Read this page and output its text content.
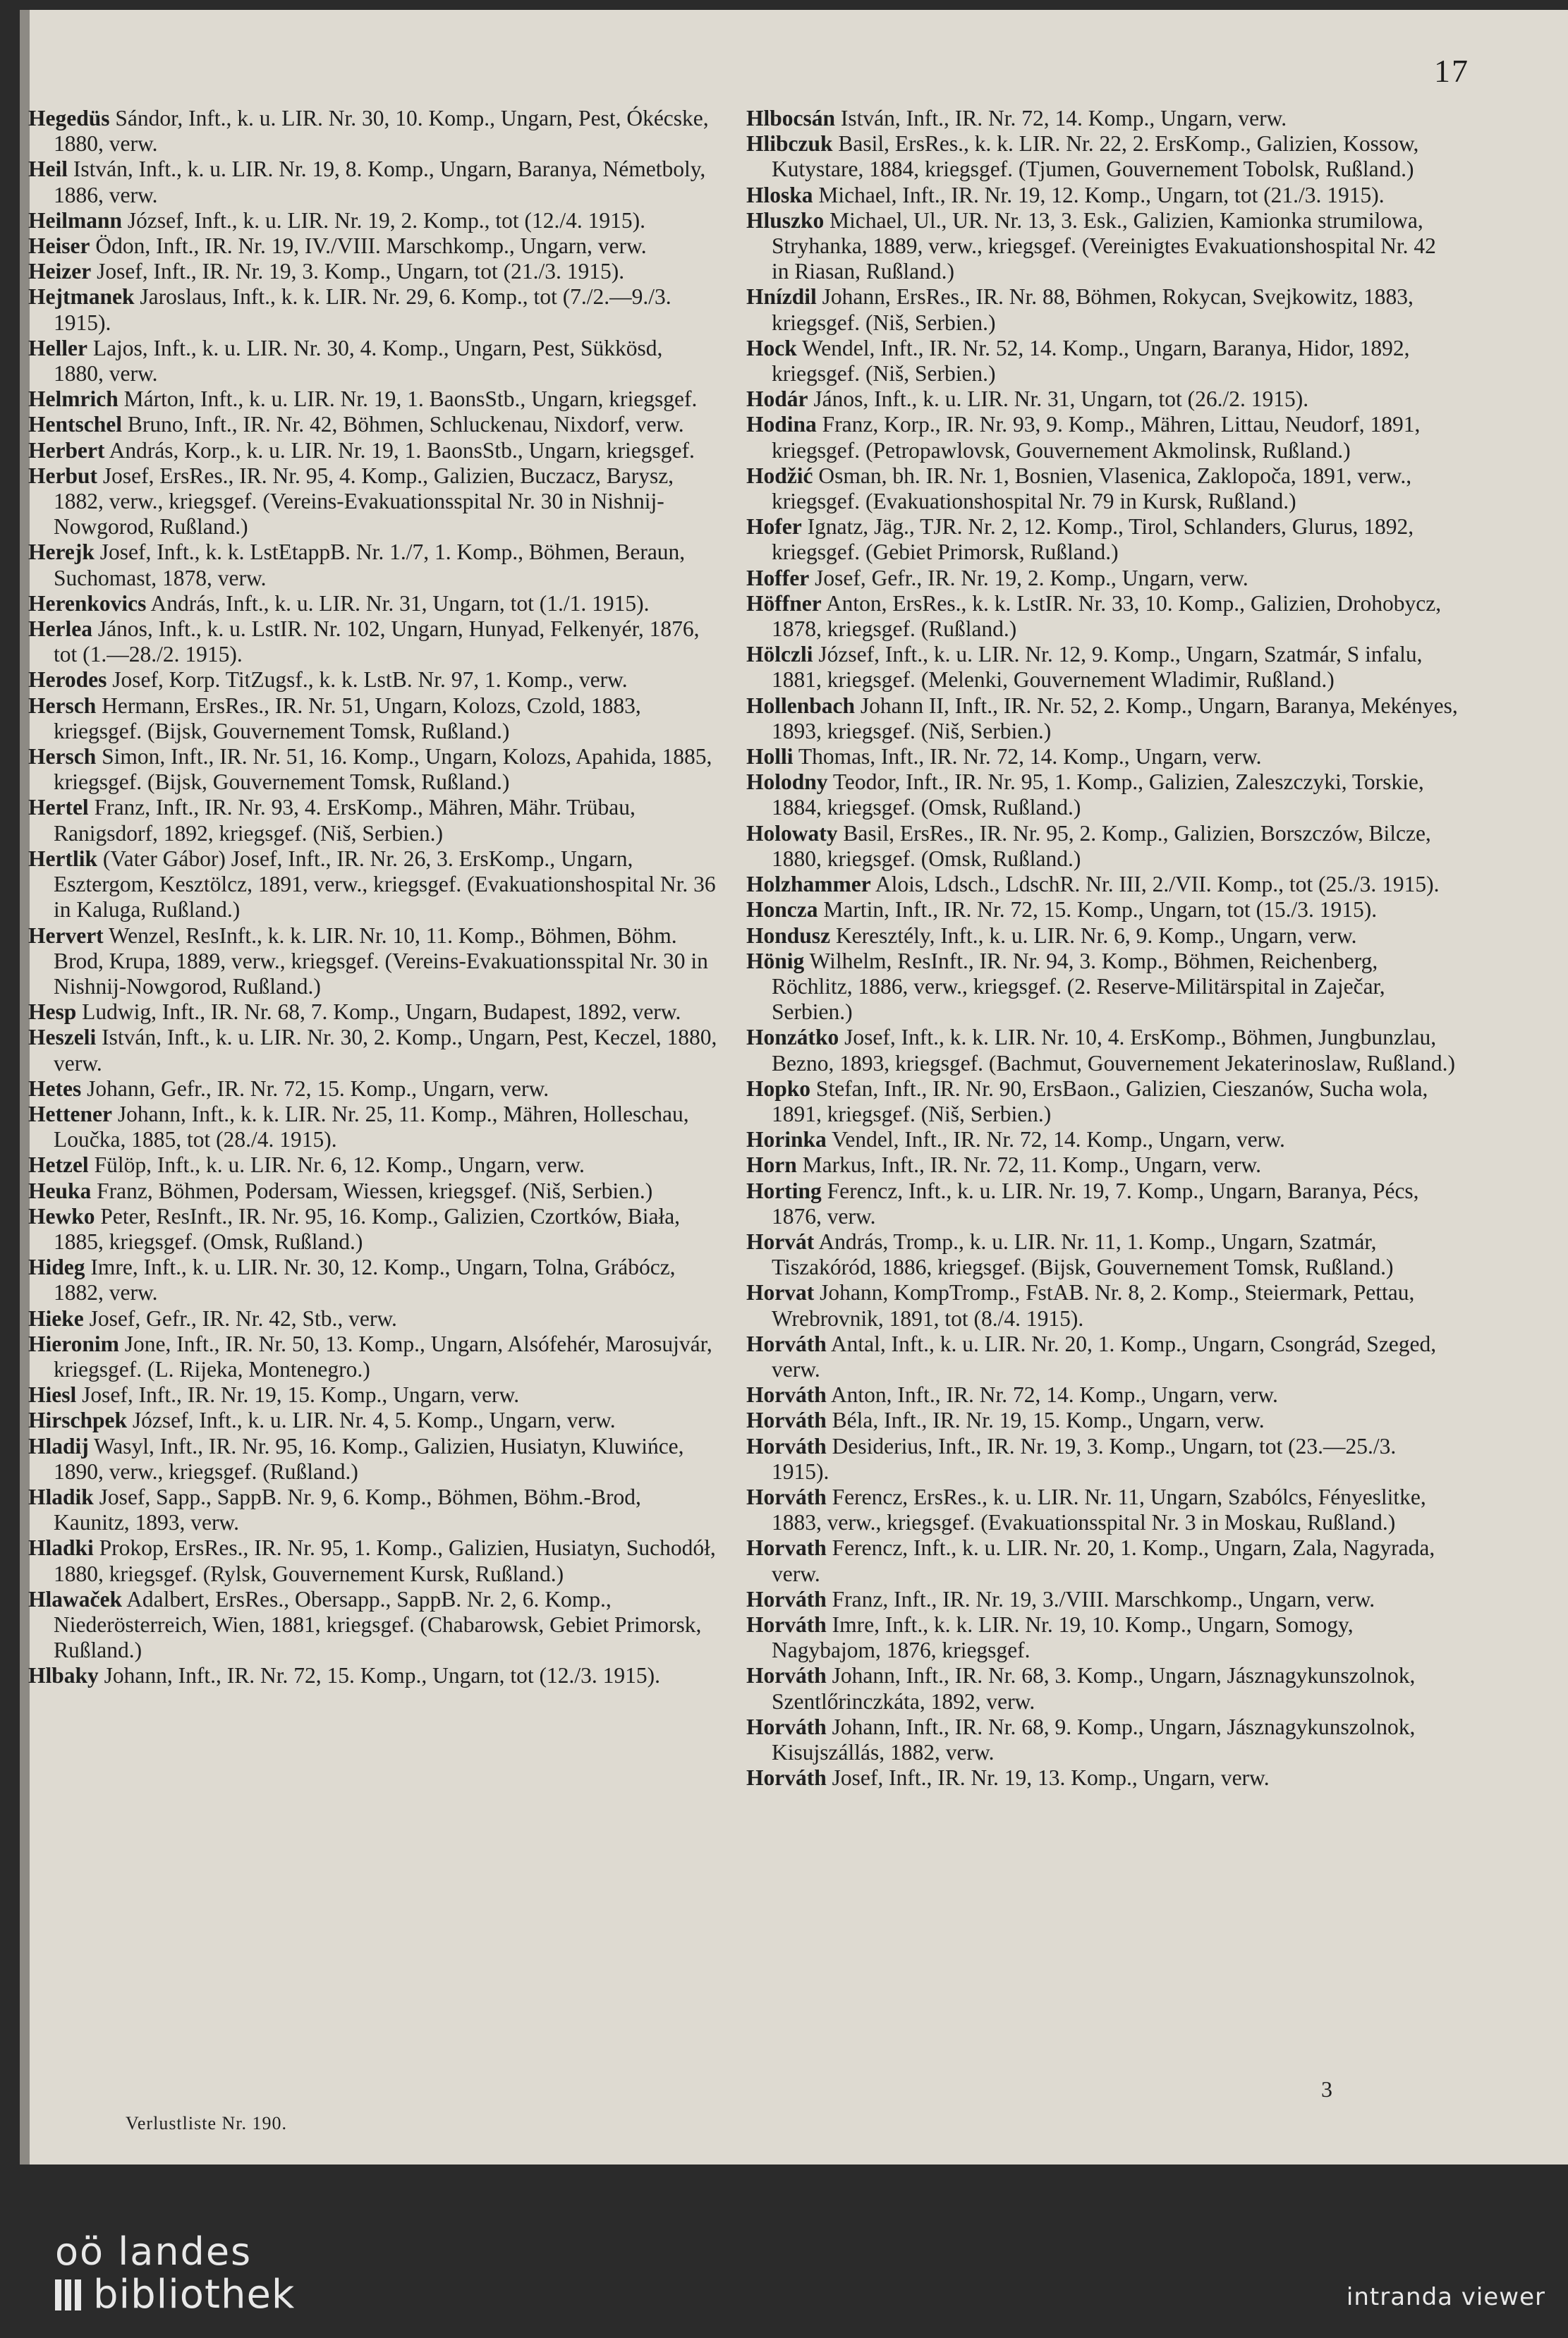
17

Hegedüs Sándor, Inft., k. u. LIR. Nr. 30, 10. Komp., Ungarn, Pest, Ókécske, 1880, verw.

Heil István, Inft., k. u. LIR. Nr. 19, 8. Komp., Ungarn, Baranya, Németboly, 1886, verw.

Heilmann József, Inft., k. u. LIR. Nr. 19, 2. Komp., tot (12./4. 1915).

Heiser Ödon, Inft., IR. Nr. 19, IV./VIII. Marschkomp., Ungarn, verw.

Heizer Josef, Inft., IR. Nr. 19, 3. Komp., Ungarn, tot (21./3. 1915).

Hejtmanek Jaroslaus, Inft., k. k. LIR. Nr. 29, 6. Komp., tot (7./2.—9./3. 1915).

Heller Lajos, Inft., k. u. LIR. Nr. 30, 4. Komp., Ungarn, Pest, Sükkösd, 1880, verw.

Helmrich Márton, Inft., k. u. LIR. Nr. 19, 1. BaonsStb., Ungarn, kriegsgef.

Hentschel Bruno, Inft., IR. Nr. 42, Böhmen, Schluckenau, Nixdorf, verw.

Herbert András, Korp., k. u. LIR. Nr. 19, 1. BaonsStb., Ungarn, kriegsgef.

Herbut Josef, ErsRes., IR. Nr. 95, 4. Komp., Galizien, Buczacz, Barysz, 1882, verw., kriegsgef. (Vereins-Evakuationsspital Nr. 30 in Nishnij-Nowgorod, Rußland.)

Herejk Josef, Inft., k. k. LstEtappB. Nr. 1./7, 1. Komp., Böhmen, Beraun, Suchomast, 1878, verw.

Herenkovics András, Inft., k. u. LIR. Nr. 31, Ungarn, tot (1./1. 1915).

Herlea János, Inft., k. u. LstIR. Nr. 102, Ungarn, Hunyad, Felkenyér, 1876, tot (1.—28./2. 1915).

Herodes Josef, Korp. TitZugsf., k. k. LstB. Nr. 97, 1. Komp., verw.

Hersch Hermann, ErsRes., IR. Nr. 51, Ungarn, Kolozs, Czold, 1883, kriegsgef. (Bijsk, Gouvernement Tomsk, Rußland.)

Hersch Simon, Inft., IR. Nr. 51, 16. Komp., Ungarn, Kolozs, Apahida, 1885, kriegsgef. (Bijsk, Gouvernement Tomsk, Rußland.)

Hertel Franz, Inft., IR. Nr. 93, 4. ErsKomp., Mähren, Mähr. Trübau, Ranigsdorf, 1892, kriegsgef. (Niš, Serbien.)

Hertlik (Vater Gábor) Josef, Inft., IR. Nr. 26, 3. ErsKomp., Ungarn, Esztergom, Kesztölcz, 1891, verw., kriegsgef. (Evakuationshospital Nr. 36 in Kaluga, Rußland.)

Hervert Wenzel, ResInft., k. k. LIR. Nr. 10, 11. Komp., Böhmen, Böhm. Brod, Krupa, 1889, verw., kriegsgef. (Vereins-Evakuationsspital Nr. 30 in Nishnij-Nowgorod, Rußland.)

Hesp Ludwig, Inft., IR. Nr. 68, 7. Komp., Ungarn, Budapest, 1892, verw.

Heszeli István, Inft., k. u. LIR. Nr. 30, 2. Komp., Ungarn, Pest, Keczel, 1880, verw.

Hetes Johann, Gefr., IR. Nr. 72, 15. Komp., Ungarn, verw.

Hettener Johann, Inft., k. k. LIR. Nr. 25, 11. Komp., Mähren, Holleschau, Loučka, 1885, tot (28./4. 1915).

Hetzel Fülöp, Inft., k. u. LIR. Nr. 6, 12. Komp., Ungarn, verw.

Heuka Franz, Böhmen, Podersam, Wiessen, kriegsgef. (Niš, Serbien.)

Hewko Peter, ResInft., IR. Nr. 95, 16. Komp., Galizien, Czortków, Biała, 1885, kriegsgef. (Omsk, Rußland.)

Hideg Imre, Inft., k. u. LIR. Nr. 30, 12. Komp., Ungarn, Tolna, Grábócz, 1882, verw.

Hieke Josef, Gefr., IR. Nr. 42, Stb., verw.

Hieronim Jone, Inft., IR. Nr. 50, 13. Komp., Ungarn, Alsófehér, Marosujvár, kriegsgef. (L. Rijeka, Montenegro.)

Hiesl Josef, Inft., IR. Nr. 19, 15. Komp., Ungarn, verw.

Hirschpek József, Inft., k. u. LIR. Nr. 4, 5. Komp., Ungarn, verw.

Hladij Wasyl, Inft., IR. Nr. 95, 16. Komp., Galizien, Husiatyn, Kluwińce, 1890, verw., kriegsgef. (Rußland.)

Hladik Josef, Sapp., SappB. Nr. 9, 6. Komp., Böhmen, Böhm.-Brod, Kaunitz, 1893, verw.

Hladki Prokop, ErsRes., IR. Nr. 95, 1. Komp., Galizien, Husiatyn, Suchodół, 1880, kriegsgef. (Rylsk, Gouvernement Kursk, Rußland.)

Hlawaček Adalbert, ErsRes., Obersapp., SappB. Nr. 2, 6. Komp., Niederösterreich, Wien, 1881, kriegsgef. (Chabarowsk, Gebiet Primorsk, Rußland.)

Hlbaky Johann, Inft., IR. Nr. 72, 15. Komp., Ungarn, tot (12./3. 1915).

Hlbocsán István, Inft., IR. Nr. 72, 14. Komp., Ungarn, verw.

Hlibczuk Basil, ErsRes., k. k. LIR. Nr. 22, 2. ErsKomp., Galizien, Kossow, Kutystare, 1884, kriegsgef. (Tjumen, Gouvernement Tobolsk, Rußland.)

Hloska Michael, Inft., IR. Nr. 19, 12. Komp., Ungarn, tot (21./3. 1915).

Hluszko Michael, Ul., UR. Nr. 13, 3. Esk., Galizien, Kamionka strumilowa, Stryhanka, 1889, verw., kriegsgef. (Vereinigtes Evakuationshospital Nr. 42 in Riasan, Rußland.)

Hnízdil Johann, ErsRes., IR. Nr. 88, Böhmen, Rokycan, Svejkowitz, 1883, kriegsgef. (Niš, Serbien.)

Hock Wendel, Inft., IR. Nr. 52, 14. Komp., Ungarn, Baranya, Hidor, 1892, kriegsgef. (Niš, Serbien.)

Hodár János, Inft., k. u. LIR. Nr. 31, Ungarn, tot (26./2. 1915).

Hodina Franz, Korp., IR. Nr. 93, 9. Komp., Mähren, Littau, Neudorf, 1891, kriegsgef. (Petropawlovsk, Gouvernement Akmolinsk, Rußland.)

Hodžić Osman, bh. IR. Nr. 1, Bosnien, Vlasenica, Zaklopoča, 1891, verw., kriegsgef. (Evakuationshospital Nr. 79 in Kursk, Rußland.)

Hofer Ignatz, Jäg., TJR. Nr. 2, 12. Komp., Tirol, Schlanders, Glurus, 1892, kriegsgef. (Gebiet Primorsk, Rußland.)

Hoffer Josef, Gefr., IR. Nr. 19, 2. Komp., Ungarn, verw.

Höffner Anton, ErsRes., k. k. LstIR. Nr. 33, 10. Komp., Galizien, Drohobycz, 1878, kriegsgef. (Rußland.)

Hölczli József, Inft., k. u. LIR. Nr. 12, 9. Komp., Ungarn, Szatmár, S infalu, 1881, kriegsgef. (Melenki, Gouvernement Wladimir, Rußland.)

Hollenbach Johann II, Inft., IR. Nr. 52, 2. Komp., Ungarn, Baranya, Mekényes, 1893, kriegsgef. (Niš, Serbien.)

Holli Thomas, Inft., IR. Nr. 72, 14. Komp., Ungarn, verw.

Holodny Teodor, Inft., IR. Nr. 95, 1. Komp., Galizien, Zaleszczyki, Torskie, 1884, kriegsgef. (Omsk, Rußland.)

Holowaty Basil, ErsRes., IR. Nr. 95, 2. Komp., Galizien, Borszczów, Bilcze, 1880, kriegsgef. (Omsk, Rußland.)

Holzhammer Alois, Ldsch., LdschR. Nr. III, 2./VII. Komp., tot (25./3. 1915).

Honcza Martin, Inft., IR. Nr. 72, 15. Komp., Ungarn, tot (15./3. 1915).

Hondusz Keresztély, Inft., k. u. LIR. Nr. 6, 9. Komp., Ungarn, verw.

Hönig Wilhelm, ResInft., IR. Nr. 94, 3. Komp., Böhmen, Reichenberg, Röchlitz, 1886, verw., kriegsgef. (2. Reserve-Militärspital in Zaječar, Serbien.)

Honzátko Josef, Inft., k. k. LIR. Nr. 10, 4. ErsKomp., Böhmen, Jungbunzlau, Bezno, 1893, kriegsgef. (Bachmut, Gouvernement Jekaterinoslaw, Rußland.)

Hopko Stefan, Inft., IR. Nr. 90, ErsBaon., Galizien, Cieszanów, Sucha wola, 1891, kriegsgef. (Niš, Serbien.)

Horinka Vendel, Inft., IR. Nr. 72, 14. Komp., Ungarn, verw.

Horn Markus, Inft., IR. Nr. 72, 11. Komp., Ungarn, verw.

Horting Ferencz, Inft., k. u. LIR. Nr. 19, 7. Komp., Ungarn, Baranya, Pécs, 1876, verw.

Horvát András, Tromp., k. u. LIR. Nr. 11, 1. Komp., Ungarn, Szatmár, Tiszakóród, 1886, kriegsgef. (Bijsk, Gouvernement Tomsk, Rußland.)

Horvat Johann, KompTromp., FstAB. Nr. 8, 2. Komp., Steiermark, Pettau, Wrebrovnik, 1891, tot (8./4. 1915).

Horváth Antal, Inft., k. u. LIR. Nr. 20, 1. Komp., Ungarn, Csongrád, Szeged, verw.

Horváth Anton, Inft., IR. Nr. 72, 14. Komp., Ungarn, verw.

Horváth Béla, Inft., IR. Nr. 19, 15. Komp., Ungarn, verw.

Horváth Desiderius, Inft., IR. Nr. 19, 3. Komp., Ungarn, tot (23.—25./3. 1915).

Horváth Ferencz, ErsRes., k. u. LIR. Nr. 11, Ungarn, Szabólcs, Fényeslitke, 1883, verw., kriegsgef. (Evakuationsspital Nr. 3 in Moskau, Rußland.)

Horvath Ferencz, Inft., k. u. LIR. Nr. 20, 1. Komp., Ungarn, Zala, Nagyrada, verw.

Horváth Franz, Inft., IR. Nr. 19, 3./VIII. Marschkomp., Ungarn, verw.

Horváth Imre, Inft., k. k. LIR. Nr. 19, 10. Komp., Ungarn, Somogy, Nagybajom, 1876, kriegsgef.

Horváth Johann, Inft., IR. Nr. 68, 3. Komp., Ungarn, Jásznagykunszolnok, Szentlőrinczkáta, 1892, verw.

Horváth Johann, Inft., IR. Nr. 68, 9. Komp., Ungarn, Jásznagykunszolnok, Kisujszállás, 1882, verw.

Horváth Josef, Inft., IR. Nr. 19, 13. Komp., Ungarn, verw.

3
Verlustliste Nr. 190.
oö landes
bibliothek	intranda viewer
